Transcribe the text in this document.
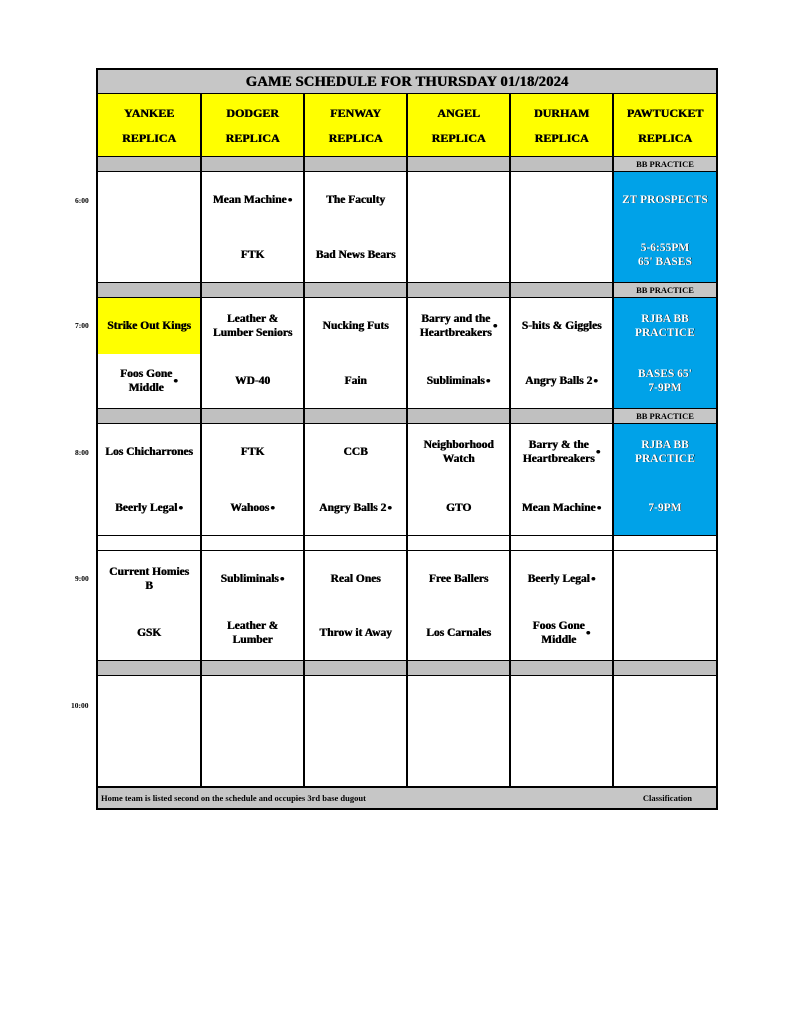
6:00
7:00
8:00
9:00
10:00
GAME SCHEDULE FOR THURSDAY 01/18/2024
YANKEE
REPLICA
DODGER
REPLICA
FENWAY
REPLICA
ANGEL
REPLICA
DURHAM
REPLICA
PAWTUCKET
REPLICA
BB PRACTICE
Mean Machine ●
FTK
The Faculty
Bad News Bears
ZT PROSPECTS
5-6:55PM
65' BASES
BB PRACTICE
Strike Out Kings
Foos Gone
Middle
●
Leather &
Lumber Seniors
WD-40
Nucking Futs
Fain
Barry and the
Heartbreakers
●
Subliminals ●
S-hits & Giggles
Angry Balls 2 ●
RJBA BB
PRACTICE
BASES 65'
7-9PM
BB PRACTICE
Los Chicharrones
Beerly Legal ●
FTK
Wahoos ●
CCB
Angry Balls 2 ●
Neighborhood
Watch
GTO
Barry & the
Heartbreakers
●
Mean Machine ●
RJBA BB
PRACTICE
7-9PM
Current Homies
B
GSK
Subliminals ●
Leather &
Lumber
Real Ones
Throw it Away
Free Ballers
Los Carnales
Beerly Legal ●
Foos Gone
Middle
●
Home team is listed second on the schedule and occupies 3rd base dugout	Classification
